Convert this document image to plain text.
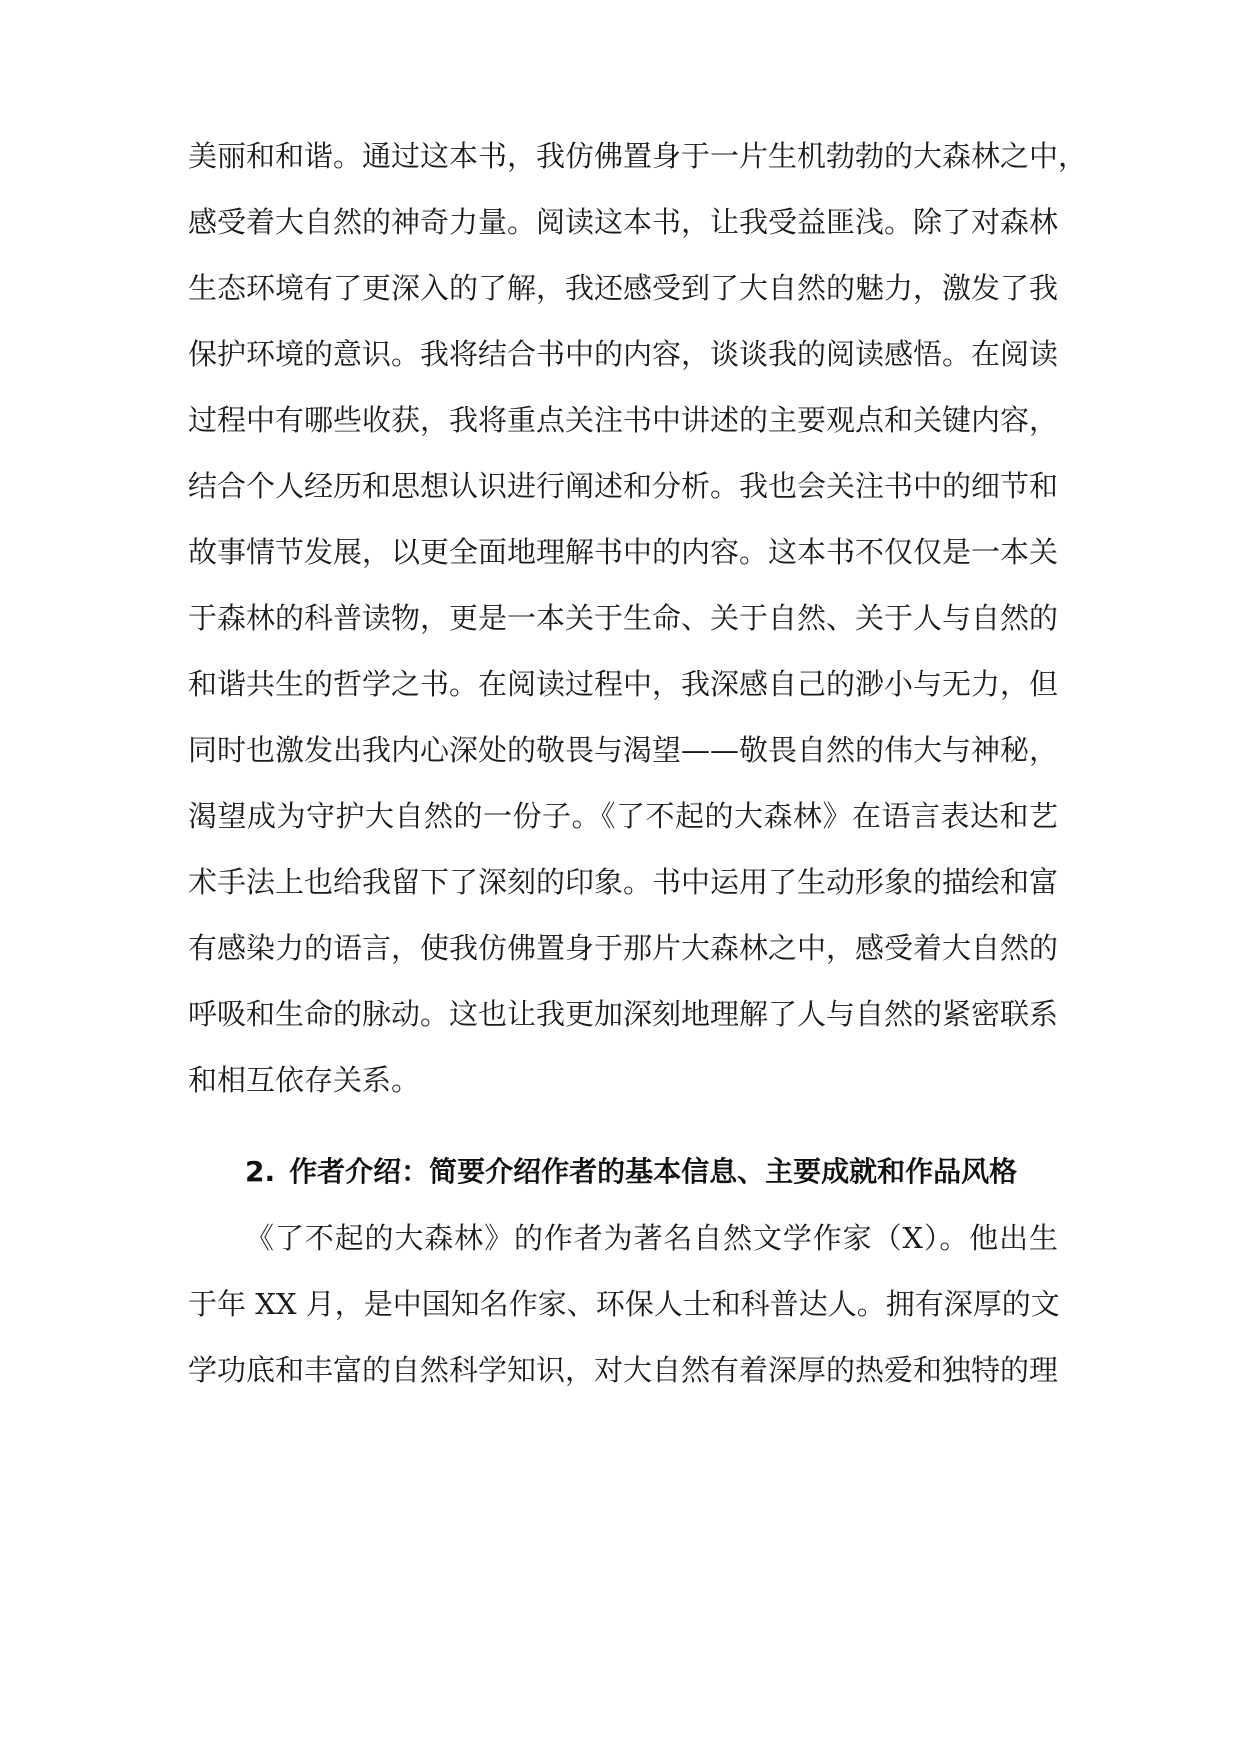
美丽和和谐。通过这本书，我仿佛置身于一片生机勃勃的大森林之中，
感受着大自然的神奇力量。阅读这本书，让我受益匪浅。除了对森林
生态环境有了更深入的了解，我还感受到了大自然的魅力，激发了我
保护环境的意识。我将结合书中的内容，谈谈我的阅读感悟。在阅读
过程中有哪些收获，我将重点关注书中讲述的主要观点和关键内容，
结合个人经历和思想认识进行阐述和分析。我也会关注书中的细节和
故事情节发展，以更全面地理解书中的内容。这本书不仅仅是一本关
于森林的科普读物，更是一本关于生命、关于自然、关于人与自然的
和谐共生的哲学之书。在阅读过程中，我深感自己的渺小与无力，但
同时也激发出我内心深处的敬畏与渴望——敬畏自然的伟大与神秘，
渴望成为守护大自然的一份子。《了不起的大森林》在语言表达和艺
术手法上也给我留下了深刻的印象。书中运用了生动形象的描绘和富
有感染力的语言，使我仿佛置身于那片大森林之中，感受着大自然的
呼吸和生命的脉动。这也让我更加深刻地理解了人与自然的紧密联系
和相互依存关系。
2. 作者介绍：简要介绍作者的基本信息、主要成就和作品风格
《了不起的大森林》的作者为著名自然文学作家（X）。他出生
于年 XX 月，是中国知名作家、环保人士和科普达人。拥有深厚的文
学功底和丰富的自然科学知识，对大自然有着深厚的热爱和独特的理
